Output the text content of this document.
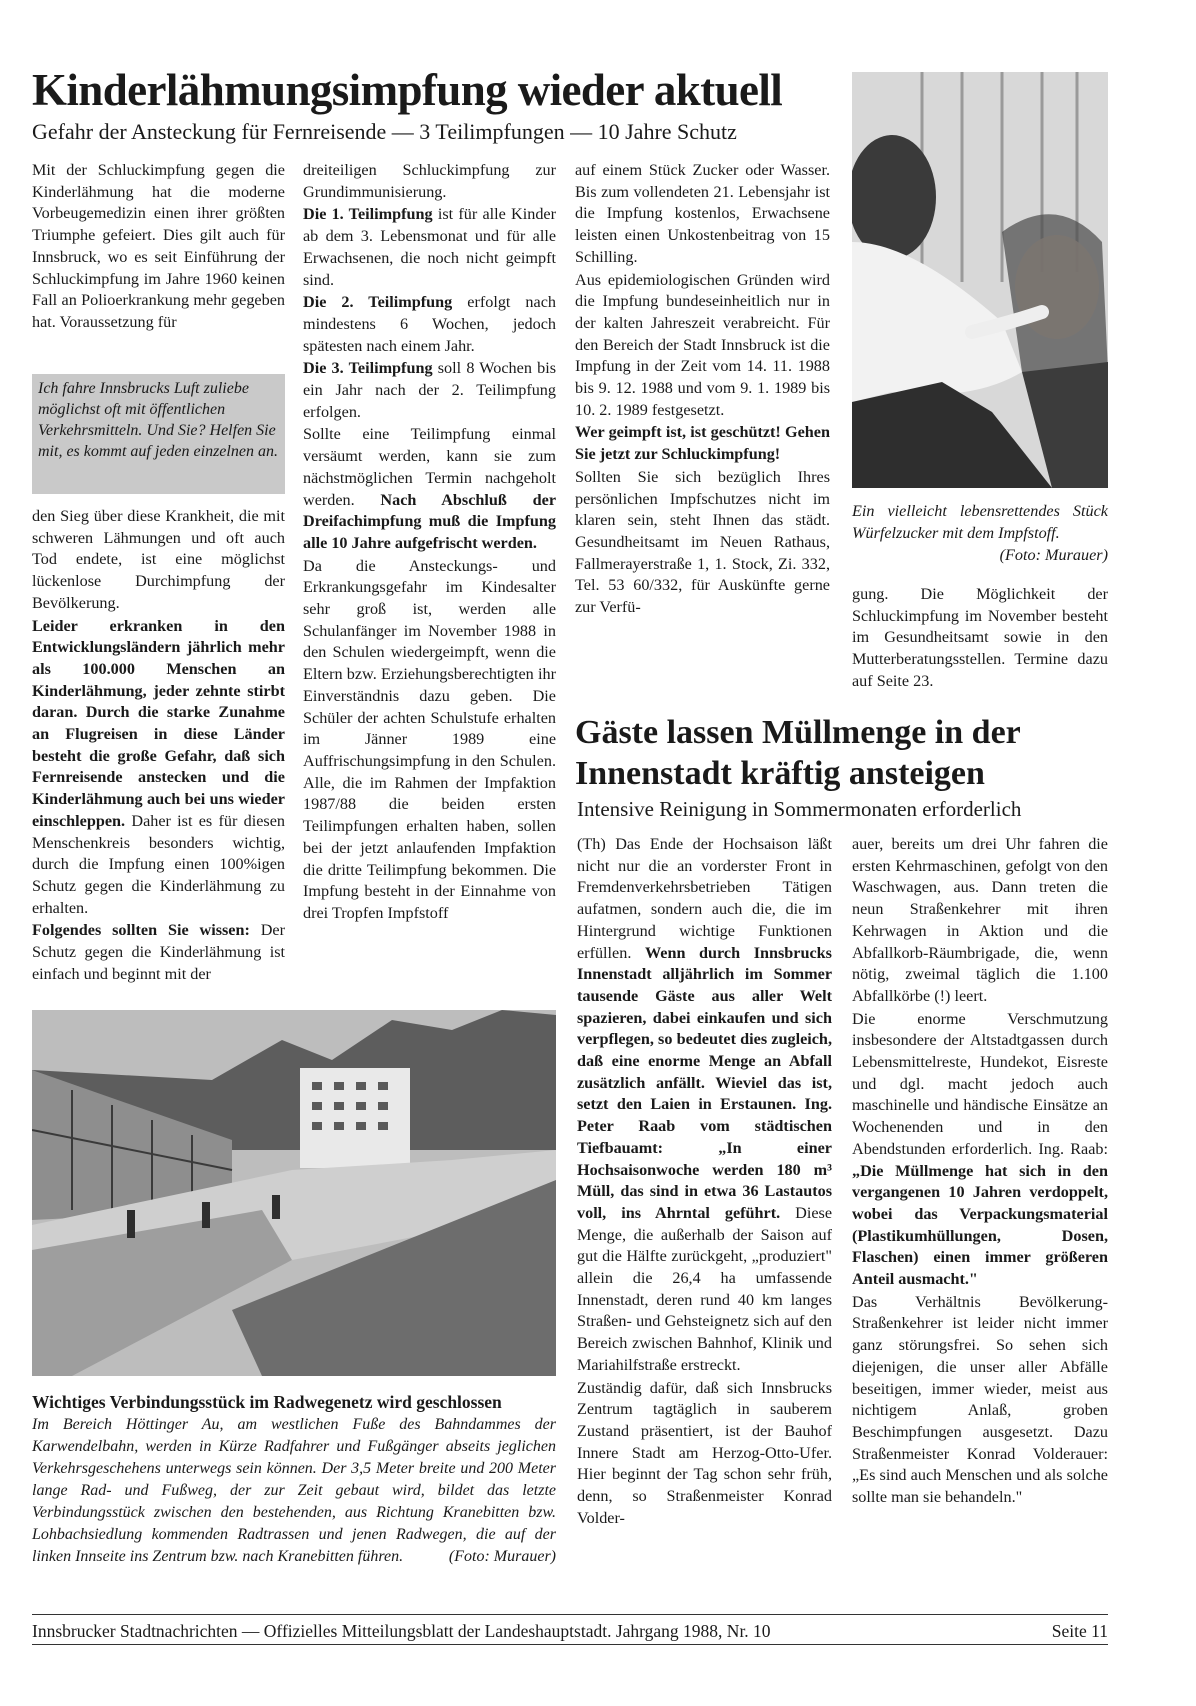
Kinderlähmungsimpfung wieder aktuell

Gefahr der Ansteckung für Fernreisende — 3 Teilimpfungen — 10 Jahre Schutz

Mit der Schluckimpfung gegen die Kinderlähmung hat die moderne Vorbeugemedizin einen ihrer größten Triumphe gefeiert. Dies gilt auch für Innsbruck, wo es seit Einführung der Schluckimpfung im Jahre 1960 keinen Fall an Polioerkrankung mehr gegeben hat. Voraussetzung für

Ich fahre Innsbrucks Luft zuliebe möglichst oft mit öffentlichen Verkehrsmitteln. Und Sie? Helfen Sie mit, es kommt auf jeden einzelnen an.

den Sieg über diese Krankheit, die mit schweren Lähmungen und oft auch Tod endete, ist eine möglichst lückenlose Durchimpfung der Bevölkerung.

Leider erkranken in den Entwicklungsländern jährlich mehr als 100.000 Menschen an Kinderlähmung, jeder zehnte stirbt daran. Durch die starke Zunahme an Flugreisen in diese Länder besteht die große Gefahr, daß sich Fernreisende anstecken und die Kinderlähmung auch bei uns wieder einschleppen. Daher ist es für diesen Menschenkreis besonders wichtig, durch die Impfung einen 100%igen Schutz gegen die Kinderlähmung zu erhalten.

Folgendes sollten Sie wissen: Der Schutz gegen die Kinderlähmung ist einfach und beginnt mit der

dreiteiligen Schluckimpfung zur Grundimmunisierung.

Die 1. Teilimpfung ist für alle Kinder ab dem 3. Lebensmonat und für alle Erwachsenen, die noch nicht geimpft sind.

Die 2. Teilimpfung erfolgt nach mindestens 6 Wochen, jedoch spätesten nach einem Jahr.

Die 3. Teilimpfung soll 8 Wochen bis ein Jahr nach der 2. Teilimpfung erfolgen.

Sollte eine Teilimpfung einmal versäumt werden, kann sie zum nächstmöglichen Termin nachgeholt werden. Nach Abschluß der Dreifachimpfung muß die Impfung alle 10 Jahre aufgefrischt werden.

Da die Ansteckungs- und Erkrankungsgefahr im Kindesalter sehr groß ist, werden alle Schulanfänger im November 1988 in den Schulen wiedergeimpft, wenn die Eltern bzw. Erziehungsberechtigten ihr Einverständnis dazu geben. Die Schüler der achten Schulstufe erhalten im Jänner 1989 eine Auffrischungsimpfung in den Schulen. Alle, die im Rahmen der Impfaktion 1987/88 die beiden ersten Teilimpfungen erhalten haben, sollen bei der jetzt anlaufenden Impfaktion die dritte Teilimpfung bekommen. Die Impfung besteht in der Einnahme von drei Tropfen Impfstoff

auf einem Stück Zucker oder Wasser. Bis zum vollendeten 21. Lebensjahr ist die Impfung kostenlos, Erwachsene leisten einen Unkostenbeitrag von 15 Schilling.

Aus epidemiologischen Gründen wird die Impfung bundeseinheitlich nur in der kalten Jahreszeit verabreicht. Für den Bereich der Stadt Innsbruck ist die Impfung in der Zeit vom 14. 11. 1988 bis 9. 12. 1988 und vom 9. 1. 1989 bis 10. 2. 1989 festgesetzt.

Wer geimpft ist, ist geschützt! Gehen Sie jetzt zur Schluckimpfung!

Sollten Sie sich bezüglich Ihres persönlichen Impfschutzes nicht im klaren sein, steht Ihnen das städt. Gesundheitsamt im Neuen Rathaus, Fallmerayerstraße 1, 1. Stock, Zi. 332, Tel. 53 60/332, für Auskünfte gerne zur Verfü-

Ein vielleicht lebensrettendes Stück Würfelzucker mit dem Impfstoff.
(Foto: Murauer)

gung. Die Möglichkeit der Schluckimpfung im November besteht im Gesundheitsamt sowie in den Mutterberatungsstellen. Termine dazu auf Seite 23.

Gäste lassen Müllmenge in der Innenstadt kräftig ansteigen

Intensive Reinigung in Sommermonaten erforderlich

(Th) Das Ende der Hochsaison läßt nicht nur die an vorderster Front in Fremdenverkehrsbetrieben Tätigen aufatmen, sondern auch die, die im Hintergrund wichtige Funktionen erfüllen. Wenn durch Innsbrucks Innenstadt alljährlich im Sommer tausende Gäste aus aller Welt spazieren, dabei einkaufen und sich verpflegen, so bedeutet dies zugleich, daß eine enorme Menge an Abfall zusätzlich anfällt. Wieviel das ist, setzt den Laien in Erstaunen. Ing. Peter Raab vom städtischen Tiefbauamt: „In einer Hochsaisonwoche werden 180 m³ Müll, das sind in etwa 36 Lastautos voll, ins Ahrntal geführt. Diese Menge, die außerhalb der Saison auf gut die Hälfte zurückgeht, „produziert" allein die 26,4 ha umfassende Innenstadt, deren rund 40 km langes Straßen- und Gehsteignetz sich auf den Bereich zwischen Bahnhof, Klinik und Mariahilfstraße erstreckt.

Zuständig dafür, daß sich Innsbrucks Zentrum tagtäglich in sauberem Zustand präsentiert, ist der Bauhof Innere Stadt am Herzog-Otto-Ufer. Hier beginnt der Tag schon sehr früh, denn, so Straßenmeister Konrad Volder-

auer, bereits um drei Uhr fahren die ersten Kehrmaschinen, gefolgt von den Waschwagen, aus. Dann treten die neun Straßenkehrer mit ihren Kehrwagen in Aktion und die Abfallkorb-Räumbrigade, die, wenn nötig, zweimal täglich die 1.100 Abfallkörbe (!) leert.

Die enorme Verschmutzung insbesondere der Altstadtgassen durch Lebensmittelreste, Hundekot, Eisreste und dgl. macht jedoch auch maschinelle und händische Einsätze an Wochenenden und in den Abendstunden erforderlich. Ing. Raab: „Die Müllmenge hat sich in den vergangenen 10 Jahren verdoppelt, wobei das Verpackungsmaterial (Plastikumhüllungen, Dosen, Flaschen) einen immer größeren Anteil ausmacht."

Das Verhältnis Bevölkerung-Straßenkehrer ist leider nicht immer ganz störungsfrei. So sehen sich diejenigen, die unser aller Abfälle beseitigen, immer wieder, meist aus nichtigem Anlaß, groben Beschimpfungen ausgesetzt. Dazu Straßenmeister Konrad Volderauer: „Es sind auch Menschen und als solche sollte man sie behandeln."

Wichtiges Verbindungsstück im Radwegenetz wird geschlossen

Im Bereich Höttinger Au, am westlichen Fuße des Bahndammes der Karwendelbahn, werden in Kürze Radfahrer und Fußgänger abseits jeglichen Verkehrsgeschehens unterwegs sein können. Der 3,5 Meter breite und 200 Meter lange Rad- und Fußweg, der zur Zeit gebaut wird, bildet das letzte Verbindungsstück zwischen den bestehenden, aus Richtung Kranebitten bzw. Lohbachsiedlung kommenden Radtrassen und jenen Radwegen, die auf der linken Innseite ins Zentrum bzw. nach Kranebitten führen.	(Foto: Murauer)

Innsbrucker Stadtnachrichten — Offizielles Mitteilungsblatt der Landeshauptstadt. Jahrgang 1988, Nr. 10	Seite 11
